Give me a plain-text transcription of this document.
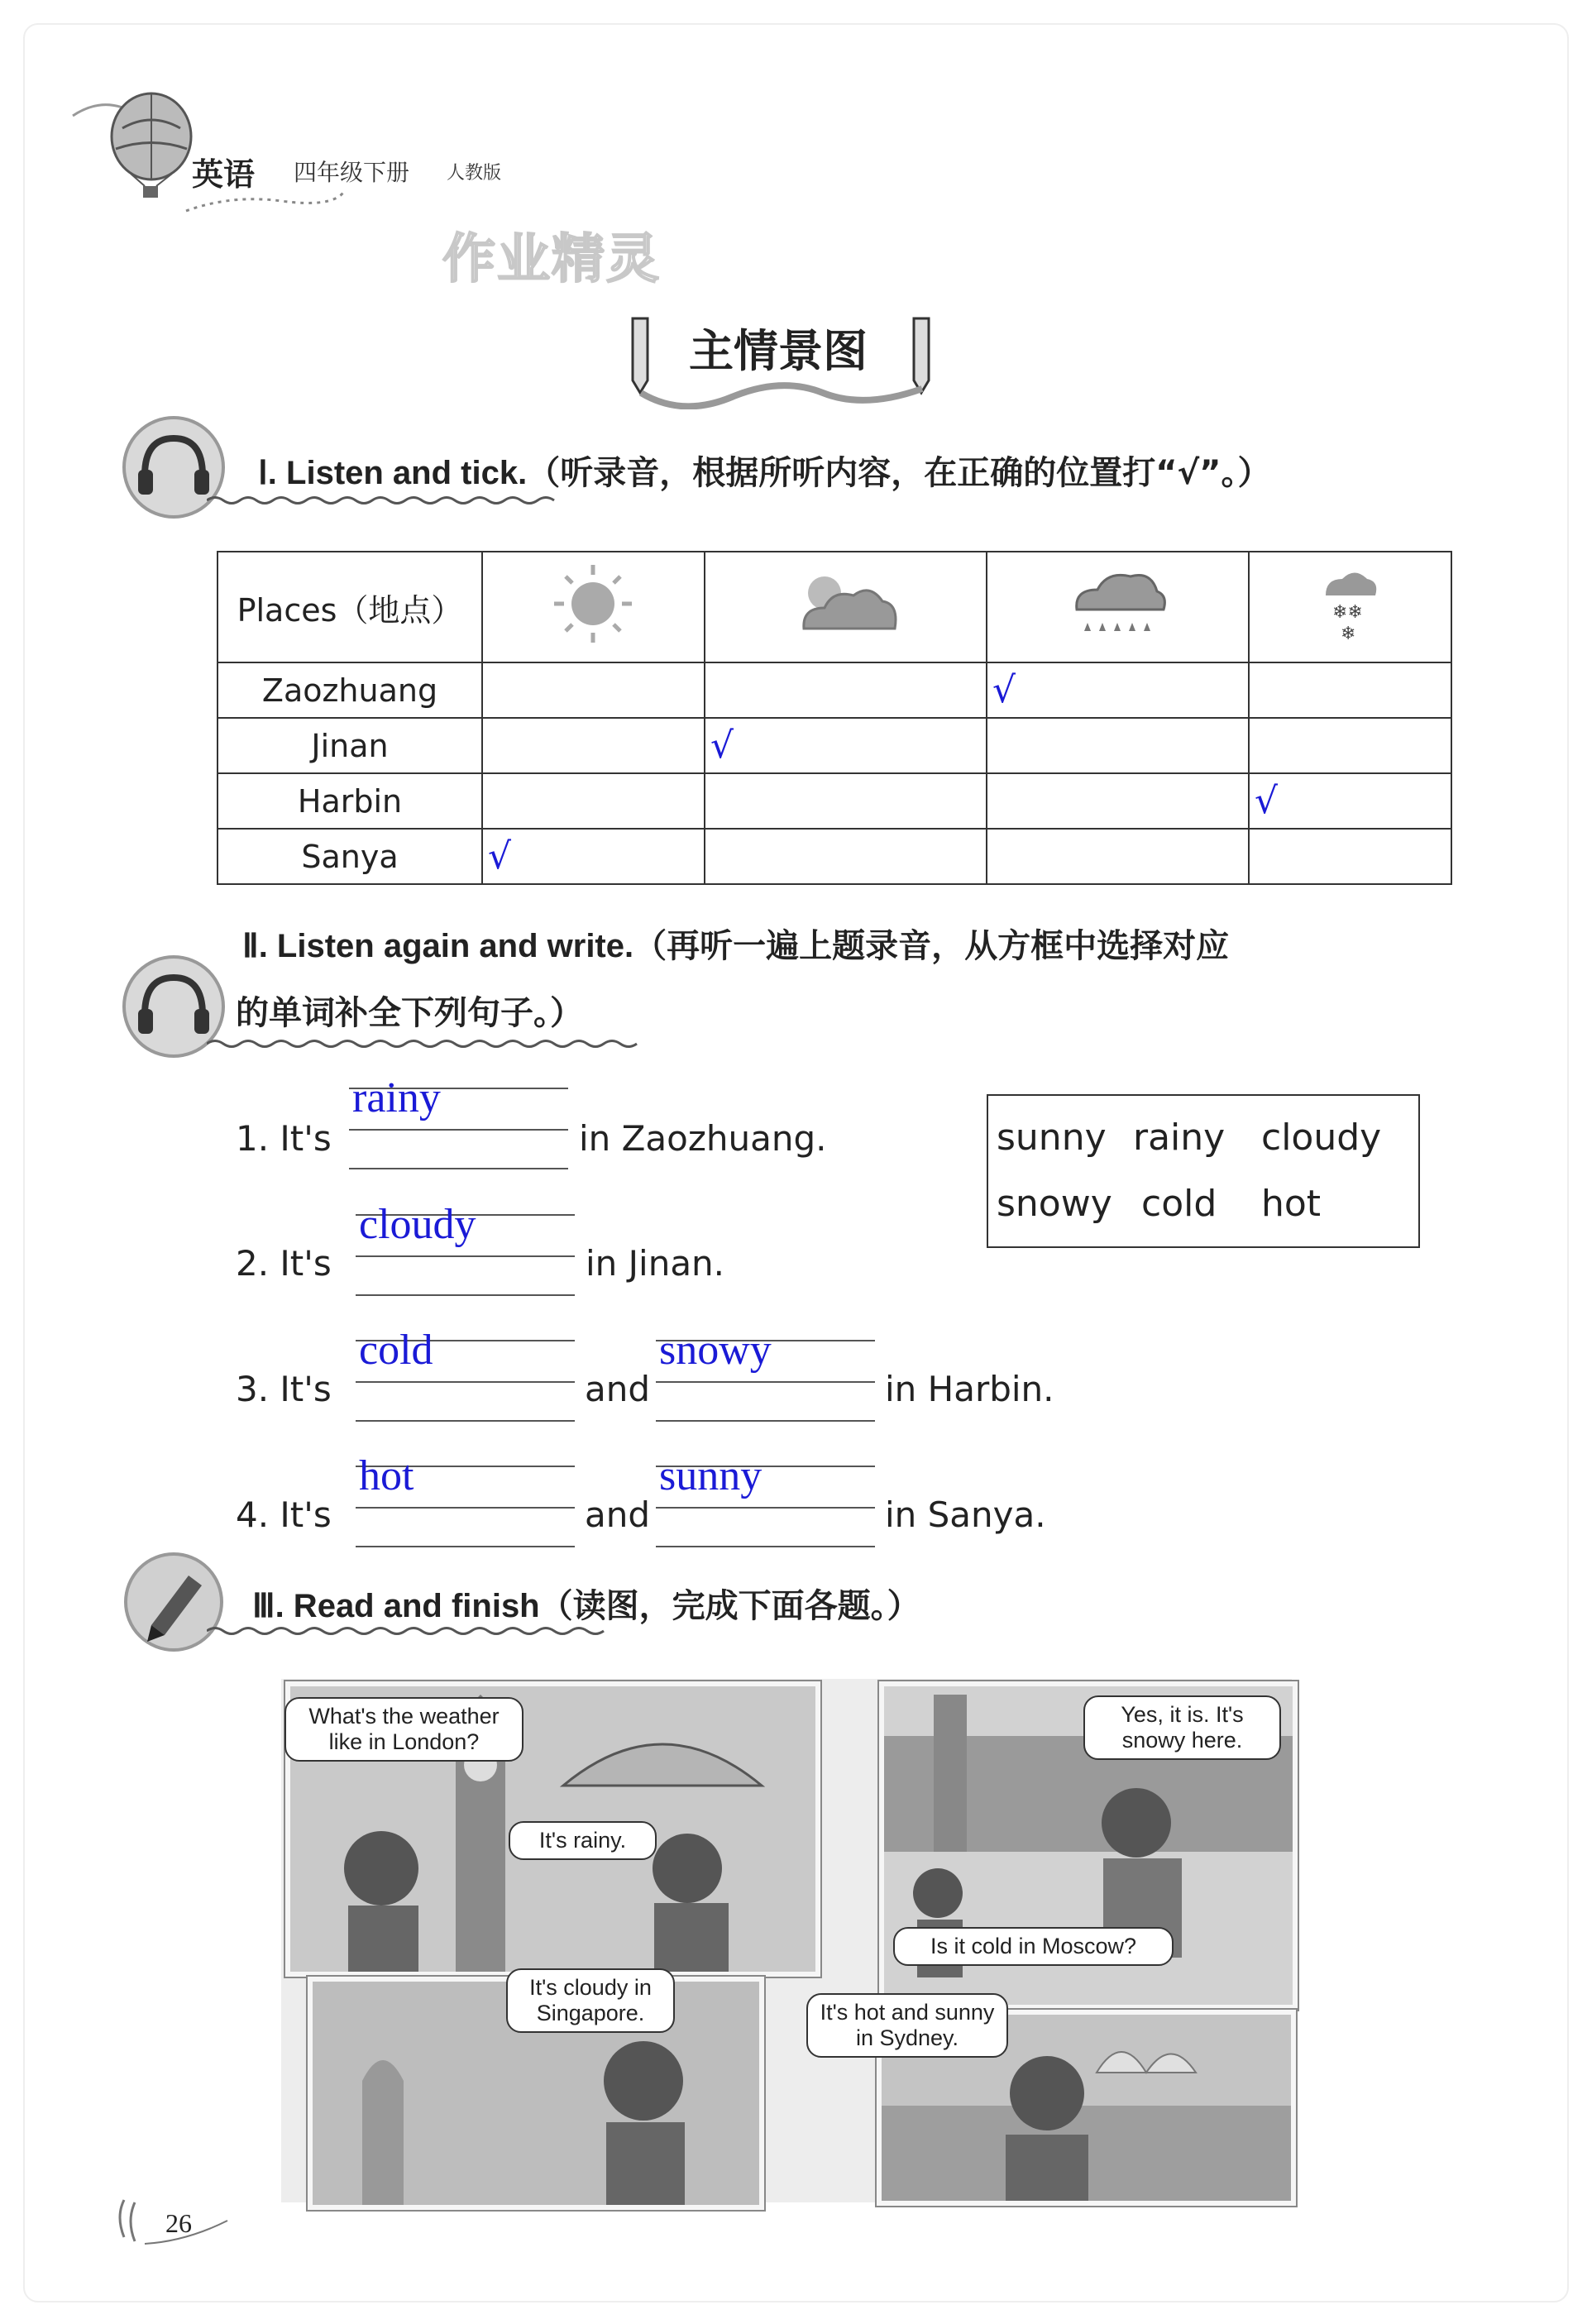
英语 四年级下册 人教版
作业精灵
主情景图
Ⅰ. Listen and tick.（听录音，根据所听内容，在正确的位置打“√”。）
Places（地点）				❄❄
❄

Zaozhuang			√	

Jinan		√		

Harbin				√

Sanya	√			

Ⅱ. Listen again and write.（再听一遍上题录音，从方框中选择对应
的单词补全下列句子。）
1. It's
rainy
in Zaozhuang.	sunny rainy cloudy
snowy cold hot
2. It's
cloudy
in Jinan.
3. It's
cold
and
snowy
in Harbin.
4. It's
hot
and
sunny
in Sanya.
Ⅲ. Read and finish（读图，完成下面各题。）
What's the weather like in London?
It's rainy.
Yes, it is. It's snowy here.
Is it cold in Moscow?
It's cloudy in Singapore.	It's hot and sunny in Sydney.
26
